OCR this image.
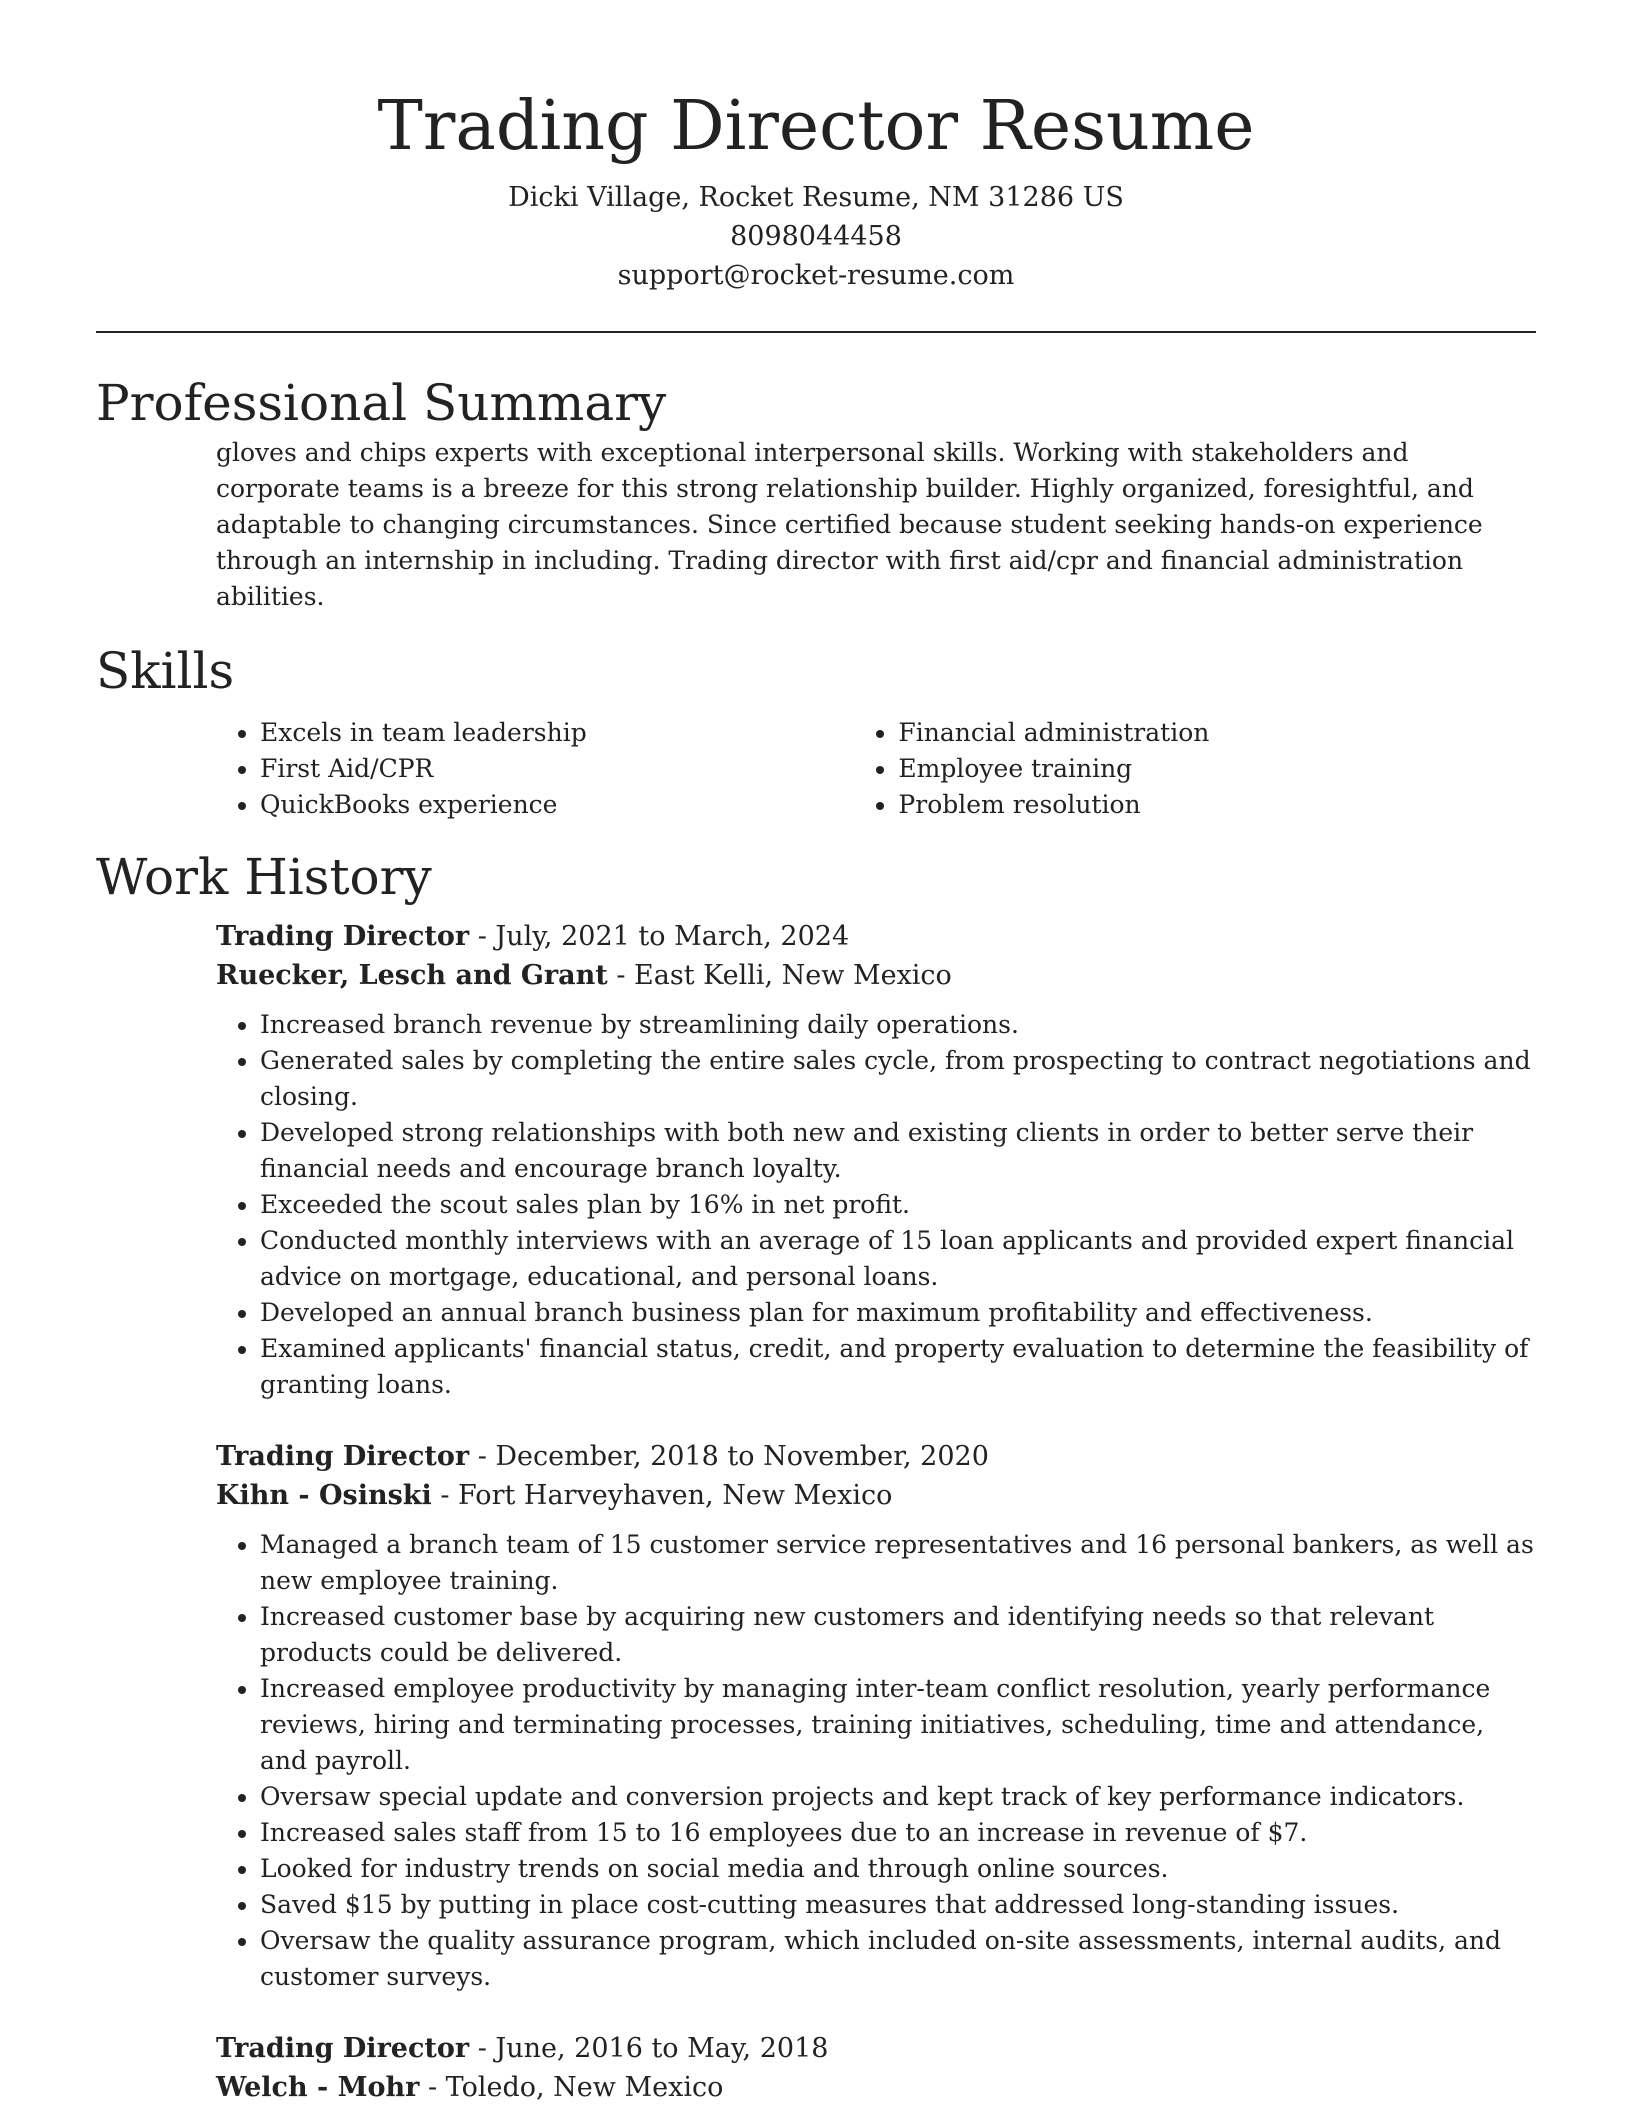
Trading Director Resume
Dicki Village, Rocket Resume, NM 31286 US
8098044458
support@rocket-resume.com
Professional Summary

gloves and chips experts with exceptional interpersonal skills. Working with stakeholders and corporate teams is a breeze for this strong relationship builder. Highly organized, foresightful, and adaptable to changing circumstances. Since certified because student seeking hands-on experience through an internship in including. Trading director with first aid/cpr and financial administration abilities.

Skills
• Excels in team leadership
• First Aid/CPR
• QuickBooks experience
• Financial administration
• Employee training
• Problem resolution
Work History
Trading Director - July, 2021 to March, 2024
Ruecker, Lesch and Grant - East Kelli, New Mexico
• Increased branch revenue by streamlining daily operations.
• Generated sales by completing the entire sales cycle, from prospecting to contract negotiations and closing.
• Developed strong relationships with both new and existing clients in order to better serve their financial needs and encourage branch loyalty.
• Exceeded the scout sales plan by 16% in net profit.
• Conducted monthly interviews with an average of 15 loan applicants and provided expert financial advice on mortgage, educational, and personal loans.
• Developed an annual branch business plan for maximum profitability and effectiveness.
• Examined applicants' financial status, credit, and property evaluation to determine the feasibility of granting loans.
Trading Director - December, 2018 to November, 2020
Kihn - Osinski - Fort Harveyhaven, New Mexico
• Managed a branch team of 15 customer service representatives and 16 personal bankers, as well as new employee training.
• Increased customer base by acquiring new customers and identifying needs so that relevant products could be delivered.
• Increased employee productivity by managing inter-team conflict resolution, yearly performance reviews, hiring and terminating processes, training initiatives, scheduling, time and attendance, and payroll.
• Oversaw special update and conversion projects and kept track of key performance indicators.
• Increased sales staff from 15 to 16 employees due to an increase in revenue of $7.
• Looked for industry trends on social media and through online sources.
• Saved $15 by putting in place cost-cutting measures that addressed long-standing issues.
• Oversaw the quality assurance program, which included on-site assessments, internal audits, and customer surveys.
Trading Director - June, 2016 to May, 2018
Welch - Mohr - Toledo, New Mexico
